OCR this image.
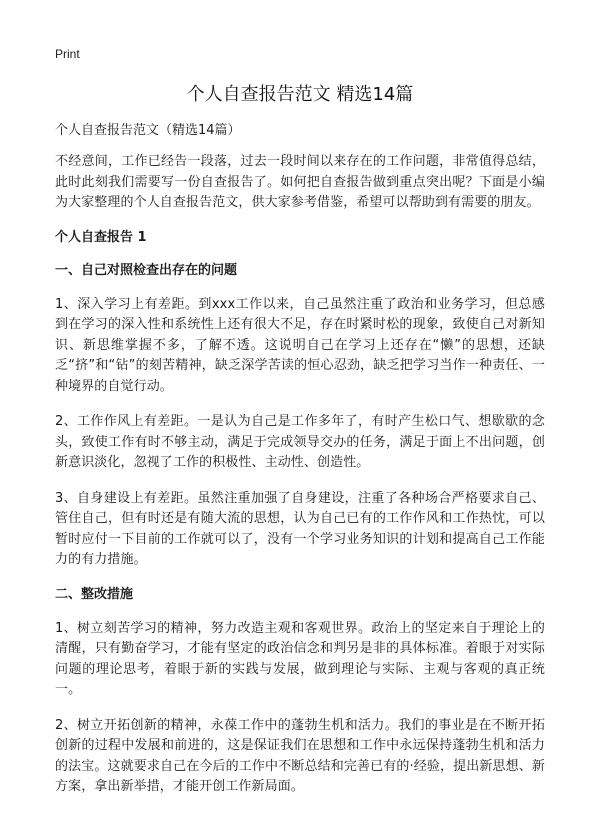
Print
个人自查报告范文 精选14篇

个人自查报告范文（精选14篇）

不经意间，工作已经告一段落，过去一段时间以来存在的工作问题，非常值得总结，此时此刻我们需要写一份自查报告了。如何把自查报告做到重点突出呢？下面是小编为大家整理的个人自查报告范文，供大家参考借鉴，希望可以帮助到有需要的朋友。

个人自查报告 1

一、自己对照检查出存在的问题

1、深入学习上有差距。到xxx工作以来，自己虽然注重了政治和业务学习，但总感到在学习的深入性和系统性上还有很大不足，存在时紧时松的现象，致使自己对新知识、新思维掌握不多，了解不透。这说明自己在学习上还存在“懒”的思想，还缺乏“挤”和“钻”的刻苦精神，缺乏深学苦读的恒心忍劲，缺乏把学习当作一种责任、一种境界的自觉行动。

2、工作作风上有差距。一是认为自己是工作多年了，有时产生松口气、想歇歇的念头，致使工作有时不够主动，满足于完成领导交办的任务，满足于面上不出问题，创新意识淡化，忽视了工作的积极性、主动性、创造性。

3、自身建设上有差距。虽然注重加强了自身建设，注重了各种场合严格要求自己、管住自己，但有时还是有随大流的思想，认为自己已有的工作作风和工作热忱，可以暂时应付一下目前的工作就可以了，没有一个学习业务知识的计划和提高自己工作能力的有力措施。

二、整改措施

1、树立刻苦学习的精神，努力改造主观和客观世界。政治上的坚定来自于理论上的清醒，只有勤奋学习，才能有坚定的政治信念和判另是非的具体标准。着眼于对实际问题的理论思考，着眼于新的实践与发展，做到理论与实际、主观与客观的真正统一。

2、树立开拓创新的精神，永葆工作中的蓬勃生机和活力。我们的事业是在不断开拓创新的过程中发展和前进的，这是保证我们在思想和工作中永远保持蓬勃生机和活力的法宝。这就要求自己在今后的工作中不断总结和完善已有的·经验，提出新思想、新方案，拿出新举措，才能开创工作新局面。
